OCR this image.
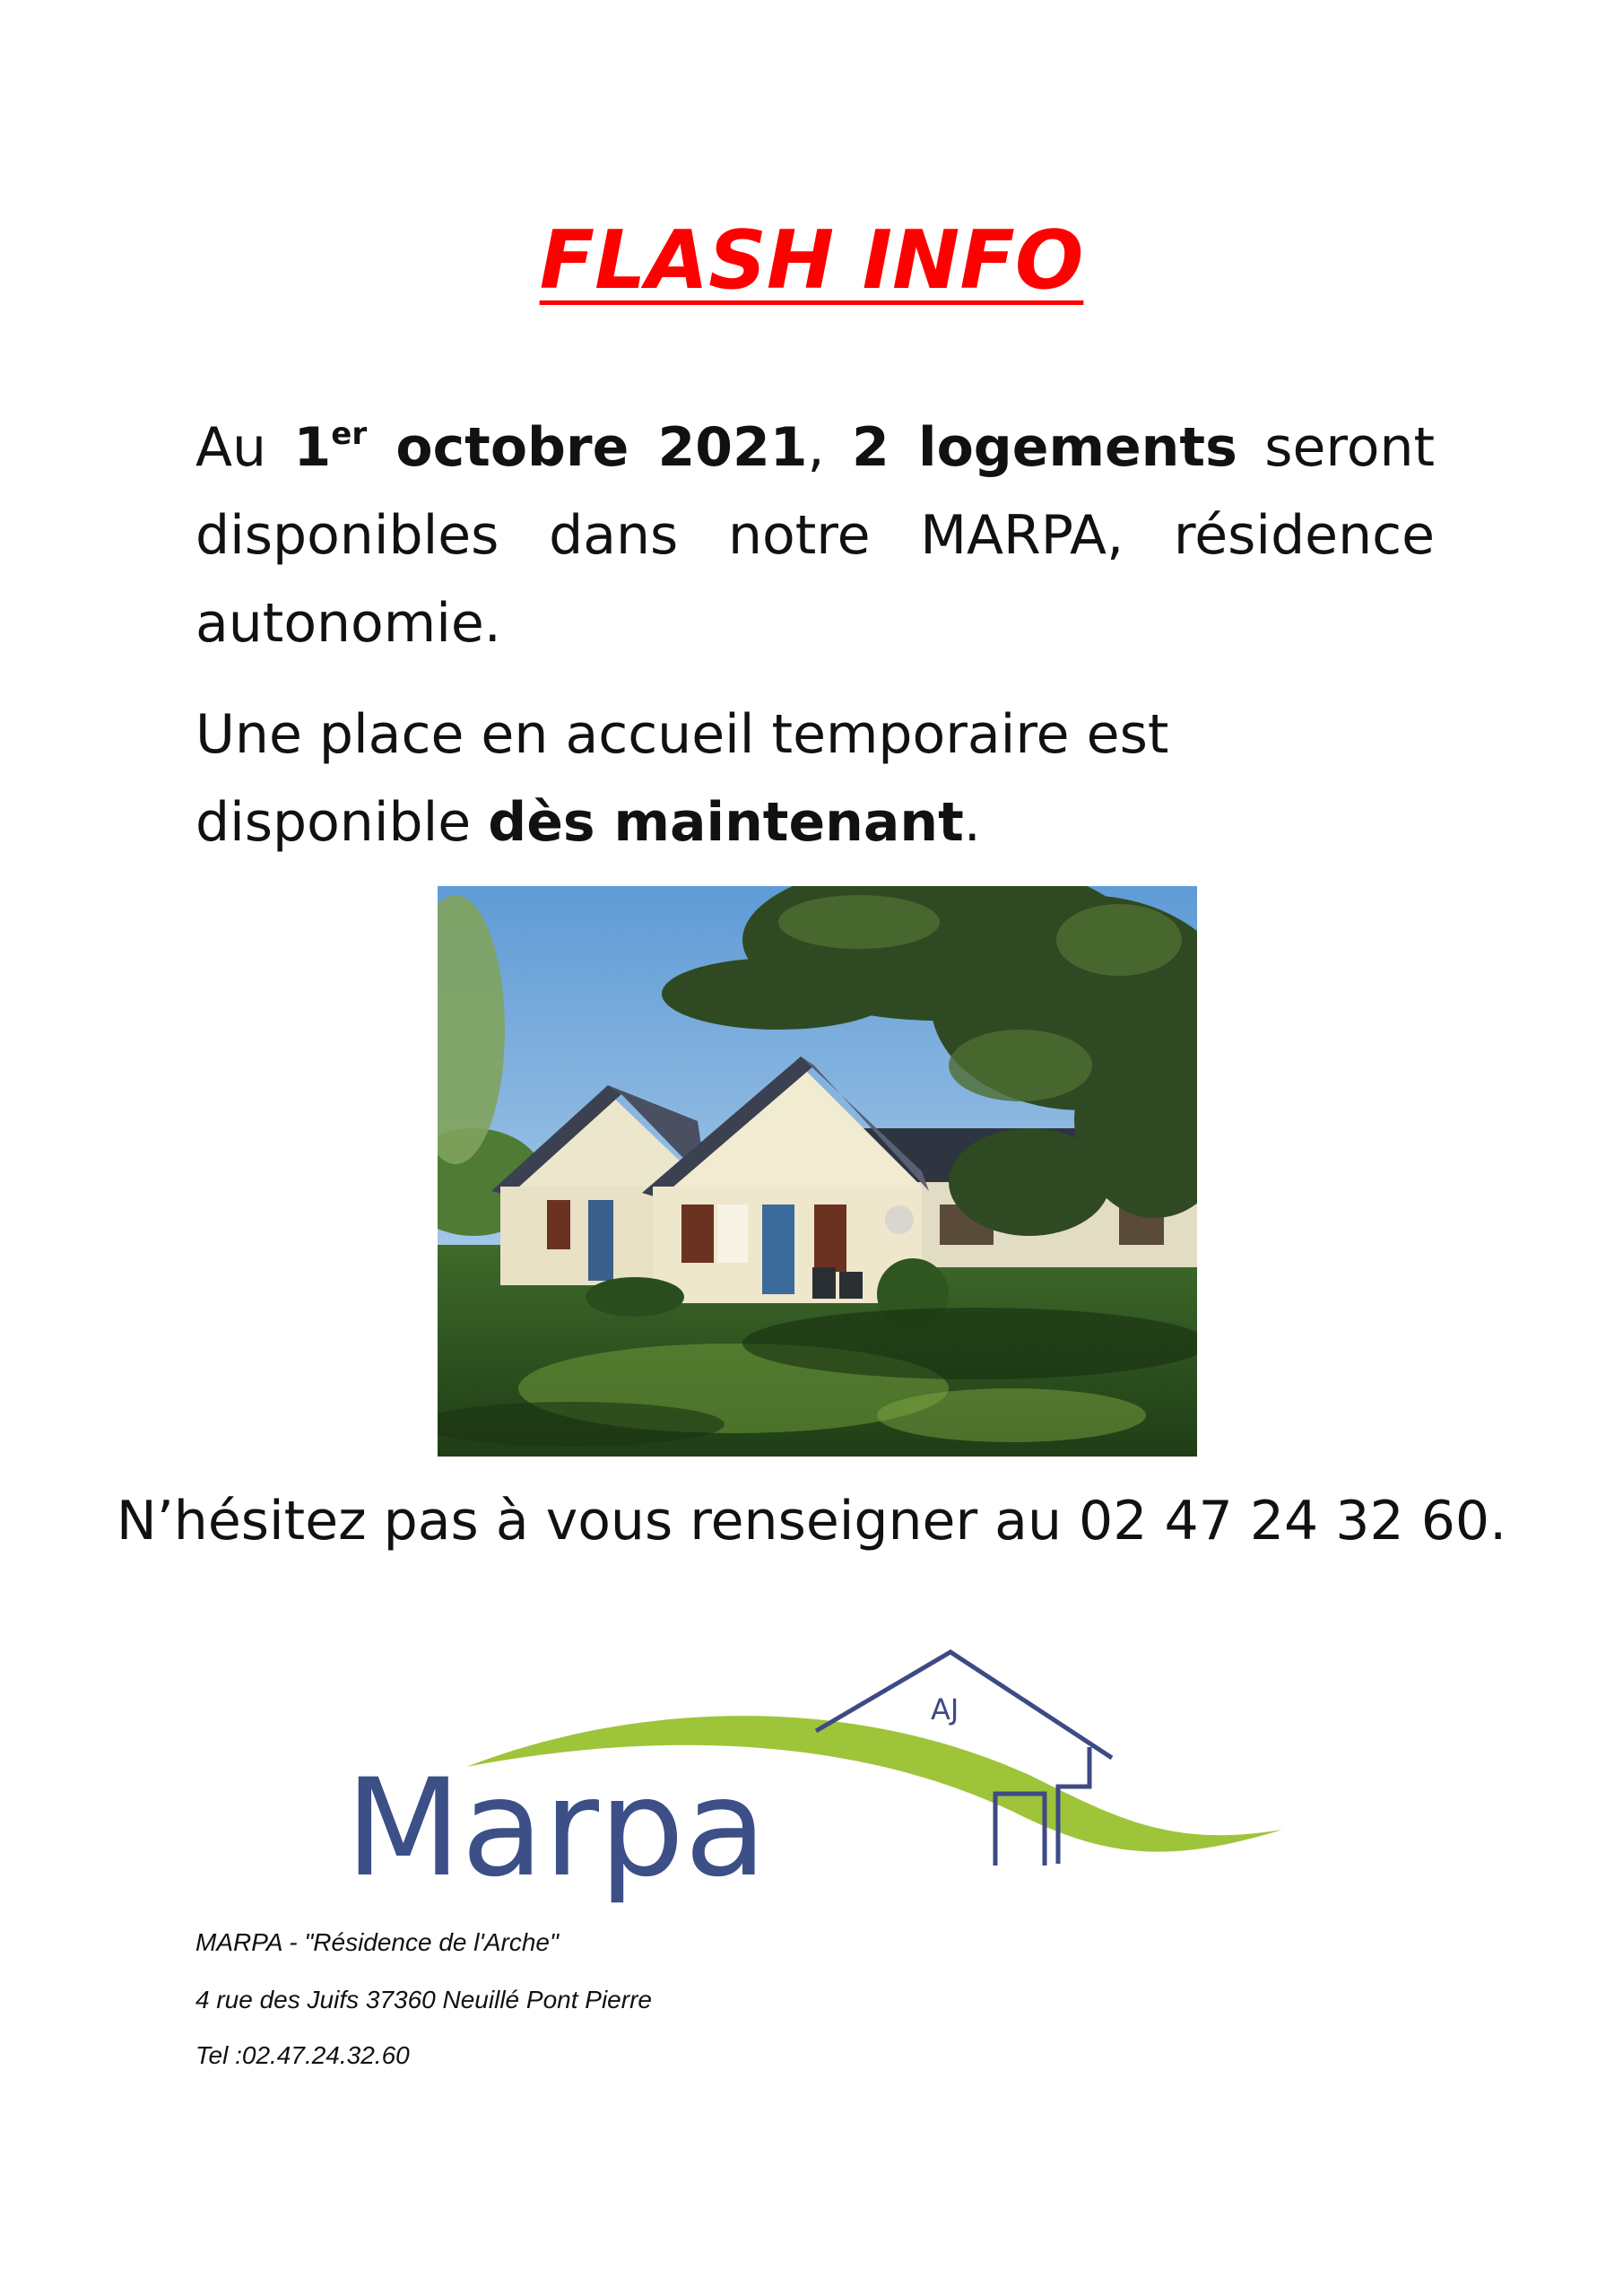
FLASH INFO

Au 1er octobre 2021, 2 logements seront disponibles dans notre MARPA, résidence autonomie.

Une place en accueil temporaire est disponible dès maintenant.

N’hésitez pas à vous renseigner au 02 47 24 32 60.

AJ
Marpa

MARPA - "Résidence de l'Arche"

4 rue des Juifs 37360 Neuillé Pont Pierre

Tel :02.47.24.32.60
